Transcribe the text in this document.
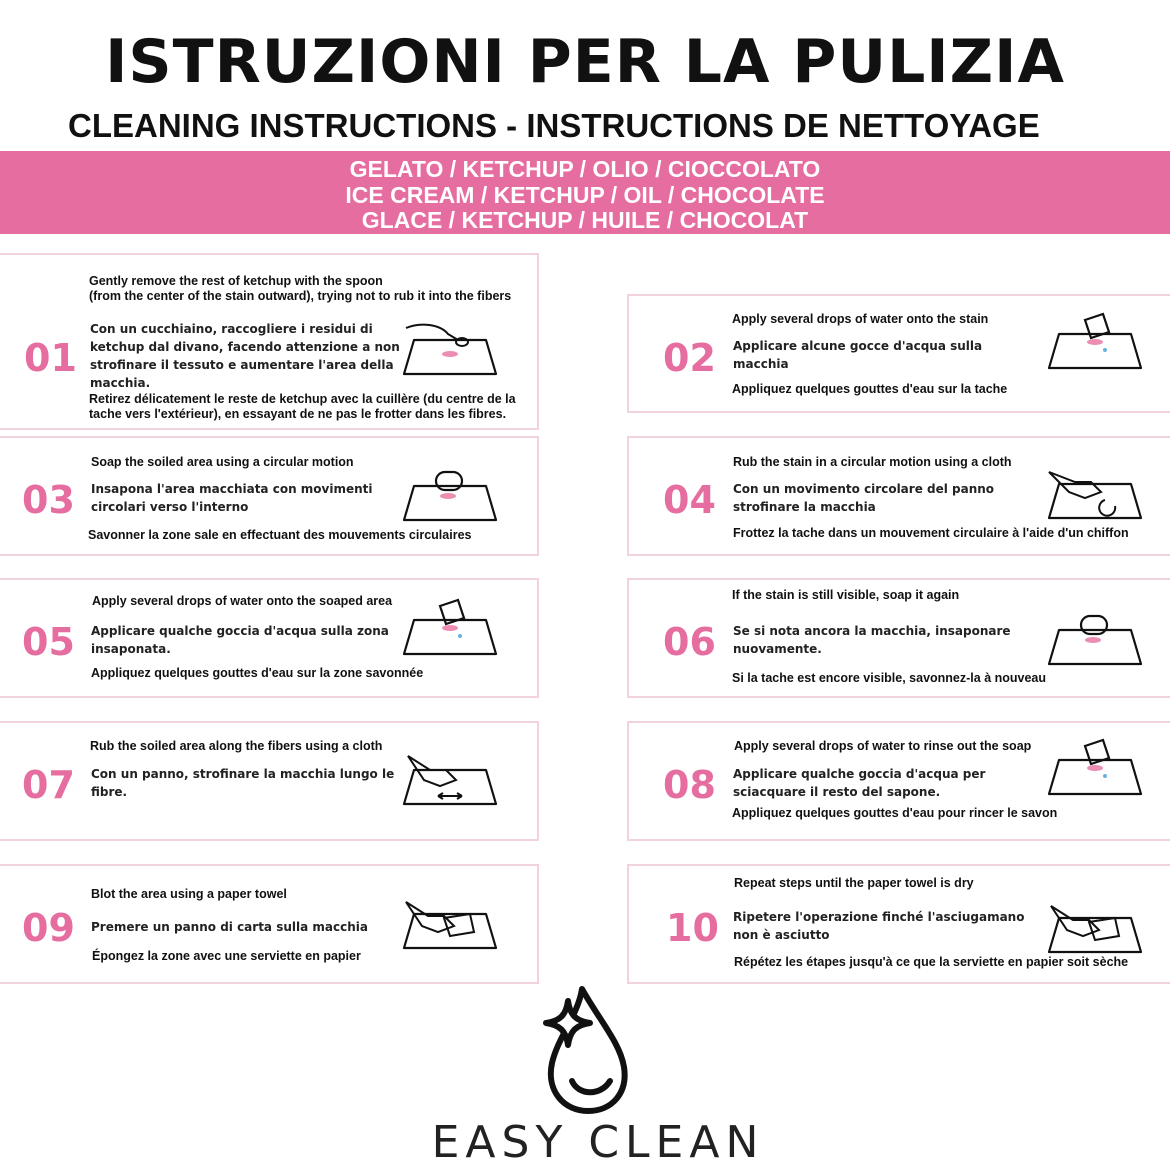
ISTRUZIONI PER LA PULIZIA
CLEANING INSTRUCTIONS - INSTRUCTIONS DE NETTOYAGE
GELATO / KETCHUP / OLIO / CIOCCOLATO
ICE CREAM / KETCHUP / OIL / CHOCOLATE
GLACE / KETCHUP / HUILE / CHOCOLAT
01
Gently remove the rest of ketchup with the spoon
(from the center of the stain outward), trying not to rub it into the fibers
Con un cucchiaino, raccogliere i residui di
ketchup dal divano, facendo attenzione a non
strofinare il tessuto e aumentare l'area della
macchia.
Retirez délicatement le reste de ketchup avec la cuillère (du centre de la
tache vers l'extérieur), en essayant de ne pas le frotter dans les fibres.
02
Apply several drops of water onto the stain
Applicare alcune gocce d'acqua sulla
macchia
Appliquez quelques gouttes d'eau sur la tache
03
Soap the soiled area using a circular motion
Insapona l'area macchiata con movimenti
circolari verso l'interno
Savonner la zone sale en effectuant des mouvements circulaires
04
Rub the stain in a circular motion using a cloth
Con un movimento circolare del panno
strofinare la macchia
Frottez la tache dans un mouvement circulaire à l'aide d'un chiffon
05
Apply several drops of water onto the soaped area
Applicare qualche goccia d'acqua sulla zona
insaponata.
Appliquez quelques gouttes d'eau sur la zone savonnée
06
If the stain is still visible, soap it again
Se si nota ancora la macchia, insaponare
nuovamente.
Si la tache est encore visible, savonnez-la à nouveau
07
Rub the soiled area along the fibers using a cloth
Con un panno, strofinare la macchia lungo le
fibre.	08
Apply several drops of water to rinse out the soap
Applicare qualche goccia d'acqua per
sciacquare il resto del sapone.
Appliquez quelques gouttes d'eau pour rincer le savon
09
Blot the area using a paper towel
Premere un panno di carta sulla macchia
Épongez la zone avec une serviette en papier
10
Repeat steps until the paper towel is dry
Ripetere l'operazione finché l'asciugamano
non è asciutto
Répétez les étapes jusqu'à ce que la serviette en papier soit sèche
EASY CLEAN
